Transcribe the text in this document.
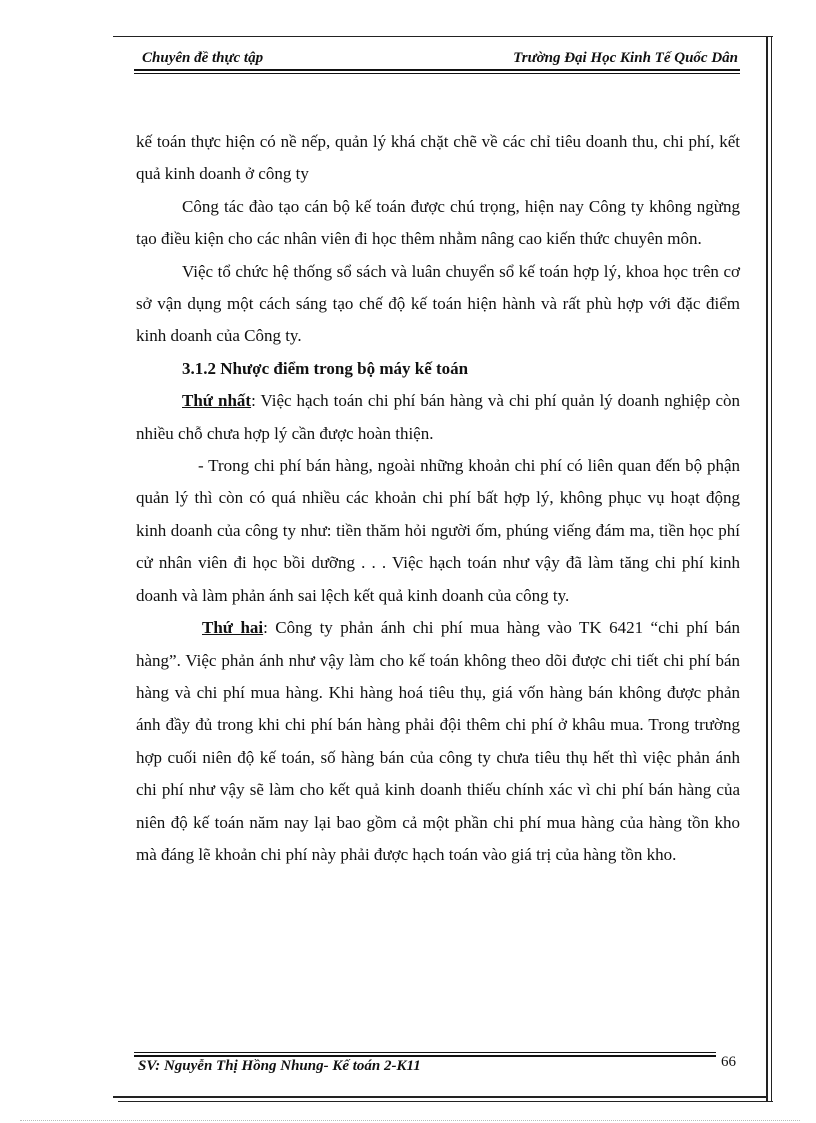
Chuyên đề thực tập	Trường Đại Học Kinh Tế Quốc Dân

kế toán thực hiện có nề nếp, quản lý khá chặt chẽ về các chỉ tiêu doanh thu, chi phí, kết quả kinh doanh ở công ty

Công tác đào tạo cán bộ kế toán được chú trọng, hiện nay Công ty không ngừng tạo điều kiện cho các nhân viên đi học thêm nhằm nâng cao kiến thức chuyên môn.

Việc tổ chức hệ thống sổ sách và luân chuyển sổ kế toán hợp lý, khoa học trên cơ sở vận dụng một cách sáng tạo chế độ kế toán hiện hành và rất phù hợp với đặc điểm kinh doanh của Công ty.

3.1.2 Nhược điểm trong bộ máy kế toán

Thứ nhất: Việc hạch toán chi phí bán hàng và chi phí quản lý doanh nghiệp còn nhiều chỗ chưa hợp lý cần được hoàn thiện.

- Trong chi phí bán hàng, ngoài những khoản chi phí có liên quan đến bộ phận quản lý thì còn có quá nhiều các khoản chi phí bất hợp lý, không phục vụ hoạt động kinh doanh của công ty như: tiền thăm hỏi người ốm, phúng viếng đám ma, tiền học phí cử nhân viên đi học bồi dưỡng . . . Việc hạch toán như vậy đã làm tăng chi phí kinh doanh và làm phản ánh sai lệch kết quả kinh doanh của công ty.

Thứ hai: Công ty phản ánh chi phí mua hàng vào TK 6421 “chi phí bán hàng”. Việc phản ánh như vậy làm cho kế toán không theo dõi được chi tiết chi phí bán hàng và chi phí mua hàng. Khi hàng hoá tiêu thụ, giá vốn hàng bán không được phản ánh đầy đủ trong khi chi phí bán hàng phải đội thêm chi phí ở khâu mua. Trong trường hợp cuối niên độ kế toán, số hàng bán của công ty chưa tiêu thụ hết thì việc phản ánh chi phí như vậy sẽ làm cho kết quả kinh doanh thiếu chính xác vì chi phí bán hàng của niên độ kế toán năm nay lại bao gồm cả một phần chi phí mua hàng của hàng tồn kho mà đáng lẽ khoản chi phí này phải được hạch toán vào giá trị của hàng tồn kho.

SV: Nguyễn Thị Hồng Nhung- Kế toán 2-K11	66
